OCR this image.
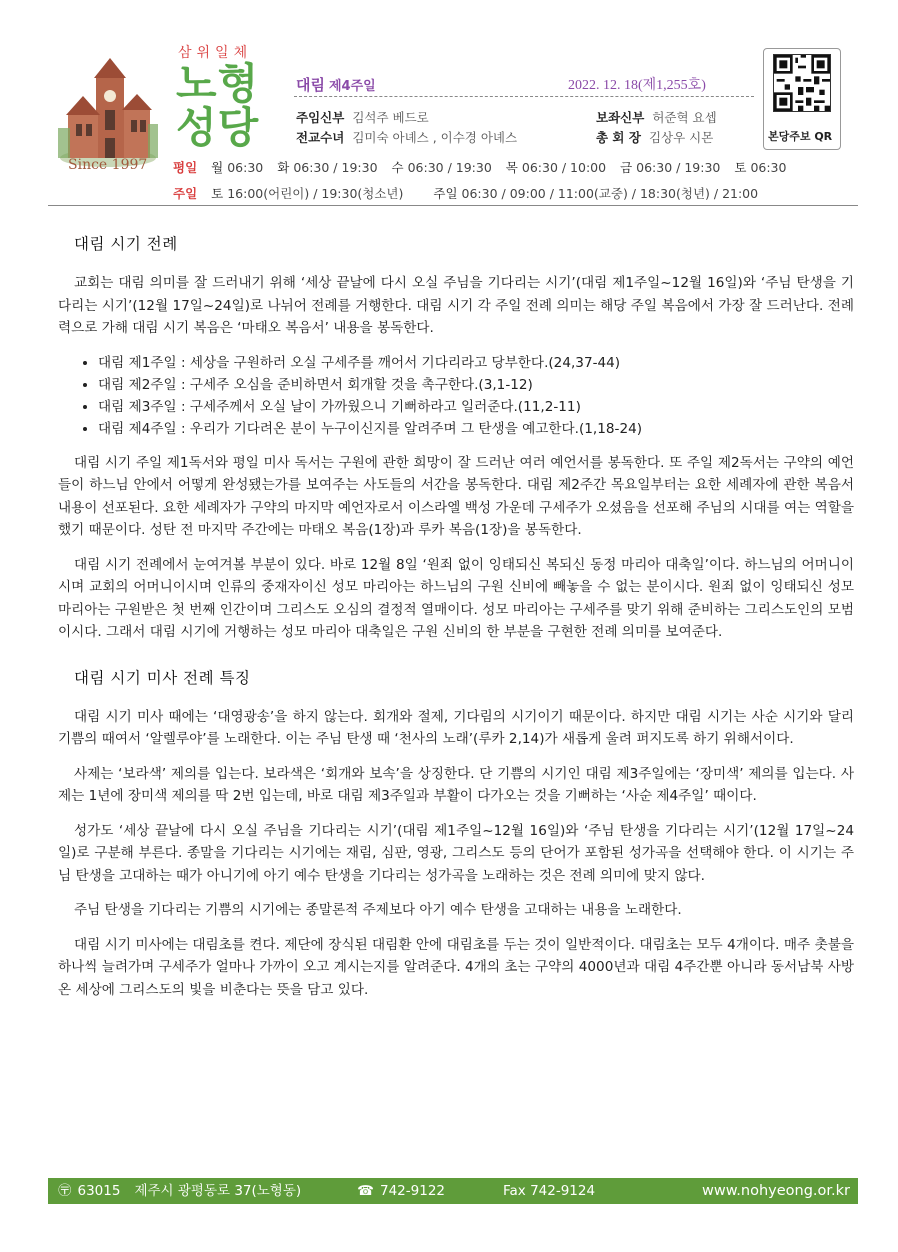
삼위일체
노형
성당
Since 1997
대림 제4주일	2022. 12. 18(제1,255호)
주임신부 김석주 베드로	보좌신부 허준혁 요셉
전교수녀 김미숙 아녜스 , 이수경 아녜스	총 회 장 김상우 시몬	본당주보 QR
평일 월 06:30 화 06:30 / 19:30 수 06:30 / 19:30 목 06:30 / 10:00 금 06:30 / 19:30 토 06:30
주일 토 16:00(어린이) / 19:30(청소년) 주일 06:30 / 09:00 / 11:00(교중) / 18:30(청년) / 21:00
대림 시기 전례

교회는 대림 의미를 잘 드러내기 위해 ‘세상 끝날에 다시 오실 주님을 기다리는 시기’(대림 제1주일~12월 16일)와 ‘주님 탄생을 기다리는 시기’(12월 17일~24일)로 나뉘어 전례를 거행한다. 대림 시기 각 주일 전례 의미는 해당 주일 복음에서 가장 잘 드러난다. 전례력으로 가해 대림 시기 복음은 ‘마태오 복음서’ 내용을 봉독한다.

• 대림 제1주일 : 세상을 구원하러 오실 구세주를 깨어서 기다리라고 당부한다.(24,37-44)
• 대림 제2주일 : 구세주 오심을 준비하면서 회개할 것을 촉구한다.(3,1-12)
• 대림 제3주일 : 구세주께서 오실 날이 가까웠으니 기뻐하라고 일러준다.(11,2-11)
• 대림 제4주일 : 우리가 기다려온 분이 누구이신지를 알려주며 그 탄생을 예고한다.(1,18-24)

대림 시기 주일 제1독서와 평일 미사 독서는 구원에 관한 희망이 잘 드러난 여러 예언서를 봉독한다. 또 주일 제2독서는 구약의 예언들이 하느님 안에서 어떻게 완성됐는가를 보여주는 사도들의 서간을 봉독한다. 대림 제2주간 목요일부터는 요한 세례자에 관한 복음서 내용이 선포된다. 요한 세례자가 구약의 마지막 예언자로서 이스라엘 백성 가운데 구세주가 오셨음을 선포해 주님의 시대를 여는 역할을 했기 때문이다. 성탄 전 마지막 주간에는 마태오 복음(1장)과 루카 복음(1장)을 봉독한다.

대림 시기 전례에서 눈여겨볼 부분이 있다. 바로 12월 8일 ‘원죄 없이 잉태되신 복되신 동정 마리아 대축일’이다. 하느님의 어머니이시며 교회의 어머니이시며 인류의 중재자이신 성모 마리아는 하느님의 구원 신비에 빼놓을 수 없는 분이시다. 원죄 없이 잉태되신 성모 마리아는 구원받은 첫 번째 인간이며 그리스도 오심의 결정적 열매이다. 성모 마리아는 구세주를 맞기 위해 준비하는 그리스도인의 모범이시다. 그래서 대림 시기에 거행하는 성모 마리아 대축일은 구원 신비의 한 부분을 구현한 전례 의미를 보여준다.

대림 시기 미사 전례 특징

대림 시기 미사 때에는 ‘대영광송’을 하지 않는다. 회개와 절제, 기다림의 시기이기 때문이다. 하지만 대림 시기는 사순 시기와 달리 기쁨의 때여서 ‘알렐루야’를 노래한다. 이는 주님 탄생 때 ‘천사의 노래’(루카 2,14)가 새롭게 울려 퍼지도록 하기 위해서이다.

사제는 ‘보라색’ 제의를 입는다. 보라색은 ‘회개와 보속’을 상징한다. 단 기쁨의 시기인 대림 제3주일에는 ‘장미색’ 제의를 입는다. 사제는 1년에 장미색 제의를 딱 2번 입는데, 바로 대림 제3주일과 부활이 다가오는 것을 기뻐하는 ‘사순 제4주일’ 때이다.

성가도 ‘세상 끝날에 다시 오실 주님을 기다리는 시기’(대림 제1주일~12월 16일)와 ‘주님 탄생을 기다리는 시기’(12월 17일~24일)로 구분해 부른다. 종말을 기다리는 시기에는 재림, 심판, 영광, 그리스도 등의 단어가 포함된 성가곡을 선택해야 한다. 이 시기는 주님 탄생을 고대하는 때가 아니기에 아기 예수 탄생을 기다리는 성가곡을 노래하는 것은 전례 의미에 맞지 않다.

주님 탄생을 기다리는 기쁨의 시기에는 종말론적 주제보다 아기 예수 탄생을 고대하는 내용을 노래한다.

대림 시기 미사에는 대림초를 켠다. 제단에 장식된 대림환 안에 대림초를 두는 것이 일반적이다. 대림초는 모두 4개이다. 매주 촛불을 하나씩 늘려가며 구세주가 얼마나 가까이 오고 계시는지를 알려준다. 4개의 초는 구약의 4000년과 대림 4주간뿐 아니라 동서남북 사방 온 세상에 그리스도의 빛을 비춘다는 뜻을 담고 있다.

〶 63015 제주시 광평동로 37(노형동)	☎ 742-9122	Fax 742-9124	www.nohyeong.or.kr
